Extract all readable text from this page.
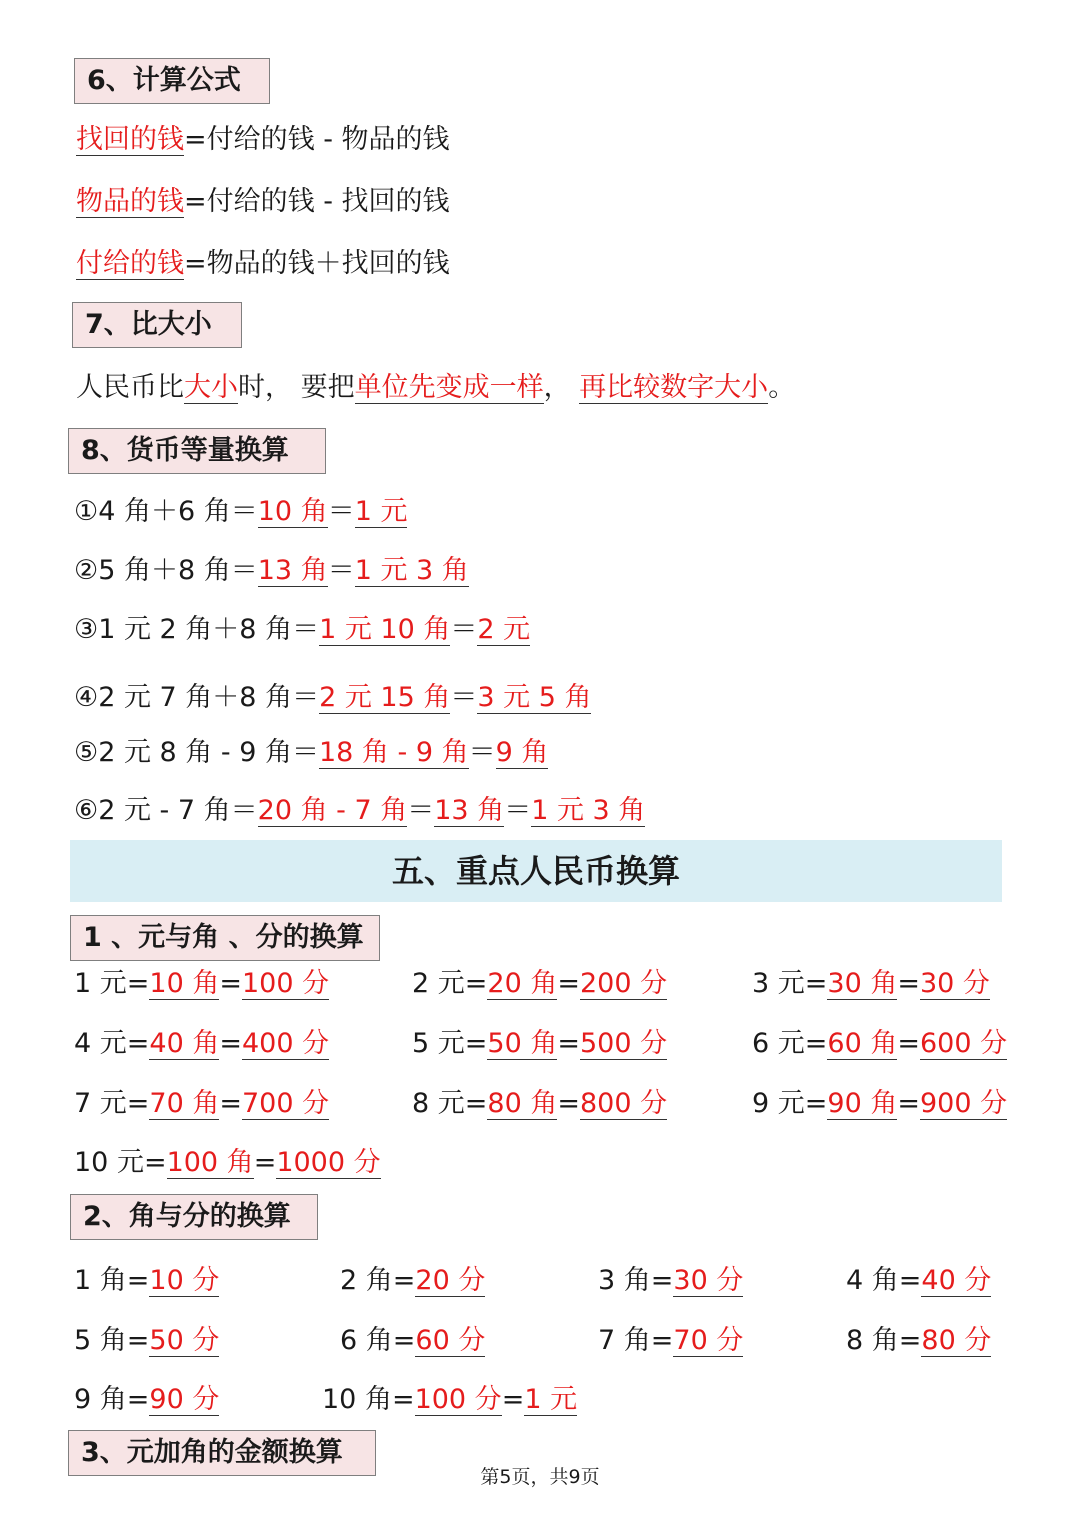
6、计算公式
找回的钱=付给的钱 - 物品的钱
物品的钱=付给的钱 - 找回的钱
付给的钱=物品的钱＋找回的钱
7、比大小
人民币比大小时， 要把单位先变成一样， 再比较数字大小。
8、货币等量换算
①4 角＋6 角＝10 角＝1 元
②5 角＋8 角＝13 角＝1 元 3 角
③1 元 2 角＋8 角＝1 元 10 角＝2 元
④2 元 7 角＋8 角＝2 元 15 角＝3 元 5 角
⑤2 元 8 角 - 9 角＝18 角 - 9 角＝9 角
⑥2 元 - 7 角＝20 角 - 7 角＝13 角＝1 元 3 角
五、重点人民币换算
1 、元与角 、分的换算
1 元=10 角=100 分	2 元=20 角=200 分	3 元=30 角=30 分
4 元=40 角=400 分	5 元=50 角=500 分	6 元=60 角=600 分
7 元=70 角=700 分	8 元=80 角=800 分	9 元=90 角=900 分
10 元=100 角=1000 分
2、角与分的换算
1 角=10 分	2 角=20 分	3 角=30 分	4 角=40 分
5 角=50 分	6 角=60 分	7 角=70 分	8 角=80 分
9 角=90 分	10 角=100 分=1 元
3、元加角的金额换算
第5页，共9页
